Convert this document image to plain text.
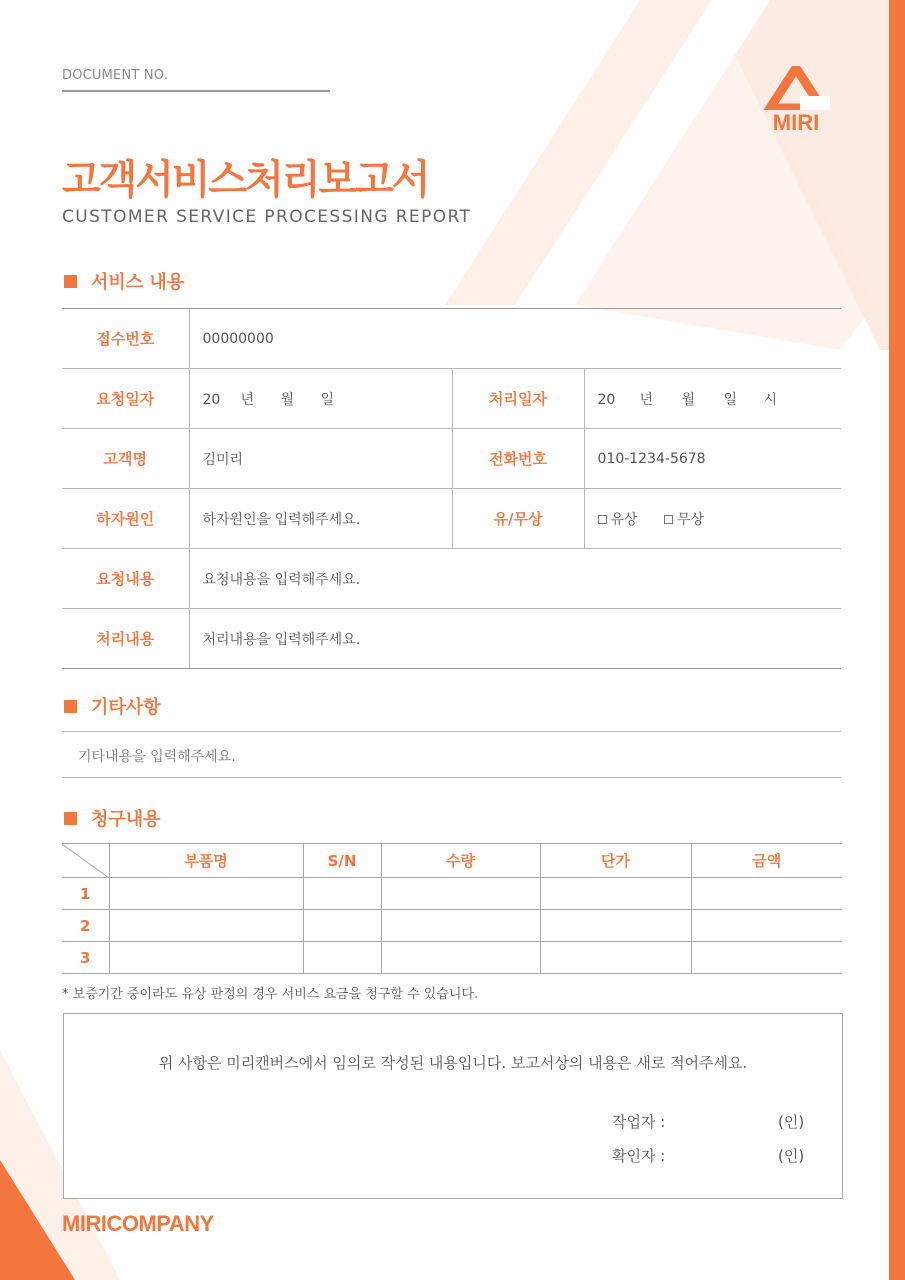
DOCUMENT NO.
MIRI
고객서비스처리보고서
CUSTOMER SERVICE PROCESSING REPORT
서비스 내용
접수번호	00000000		
요청일자	20 년 월 일	처리일자	20 년 월 일 시
고객명	김미리	전화번호	010-1234-5678
하자원인	하자원인을 입력해주세요.	유/무상	유상 무상
요청내용	요청내용을 입력해주세요.		
처리내용	처리내용을 입력해주세요.		
기타사항
기타내용을 입력해주세요.
청구내용
	부품명	S/N	수량	단가	금액
1					
2					
3					
* 보증기간 중이라도 유상 판정의 경우 서비스 요금을 청구할 수 있습니다.
위 사항은 미리캔버스에서 임의로 작성된 내용입니다. 보고서상의 내용은 새로 적어주세요.
작업자 :	(인)
확인자 :	(인)
MIRICOMPANY
